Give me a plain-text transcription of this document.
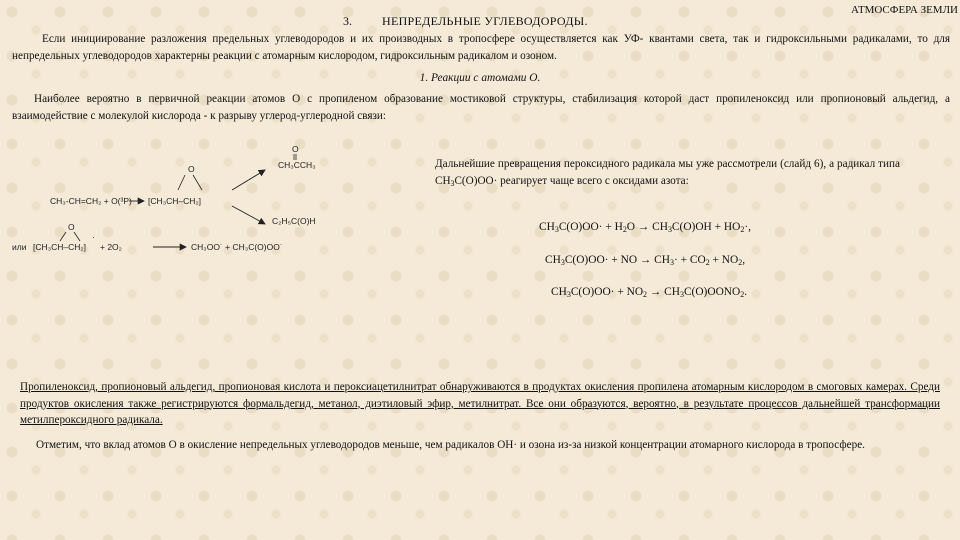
3.	НЕПРЕДЕЛЬНЫЕ УГЛЕВОДОРОДЫ.
АТМОСФЕРА ЗЕМЛИ
Если инициирование разложения предельных углеводородов и их производных в тропосфере осуществляется как УФ- квантами света, так и гидроксильными радикалами, то для непредельных углеводородов характерны реакции с атомарным кислородом, гидроксильным радикалом и озоном.
1. Реакции с атомами O.
Наиболее вероятно в первичной реакции атомов O с пропиленом образование мостиковой структуры, стабилизация которой даст пропиленоксид или пропионовый альдегид, а взаимодействие с молекулой кислорода - к разрыву углерод-углеродной связи:
O
CH₃-CH=CH₂ + O(³P) [CH₃CH–CH₂]
O
CH₃CCH₃
C₂H₅C(O)H
O
·
или [CH₃CH–CH₂] + 2O₂	CH₃OO˙ + CH₃C(O)OO˙
Дальнейшие превращения пероксидного радикала мы уже рассмотрели (слайд 6), а радикал типа $CH_3C(O)OO\cdot$ реагирует чаще всего с оксидами азота:
$CH_3C(O)OO\cdot + H_2O \to CH_3C(O)OH + HO_2\cdot$,
$CH_3C(O)OO\cdot$ + NO → $CH_3\cdot + CO_2 + NO_2$,
$CH_3C(O)OO\cdot + NO_2$ → $CH_3C(O)OONO_2$.
Пропиленоксид, пропионовый альдегид, пропионовая кислота и пероксиацетилнитрат обнаруживаются в продуктах окисления пропилена атомарным кислородом в смоговых камерах. Среди продуктов окисления также регистрируются формальдегид, метанол, диэтиловый эфир, метилнитрат. Все они образуются, вероятно, в результате процессов дальнейшей трансформации метилпероксидного радикала.
Отметим, что вклад атомов O в окисление непредельных углеводородов меньше, чем радикалов OH· и озона из-за низкой концентрации атомарного кислорода в тропосфере.
